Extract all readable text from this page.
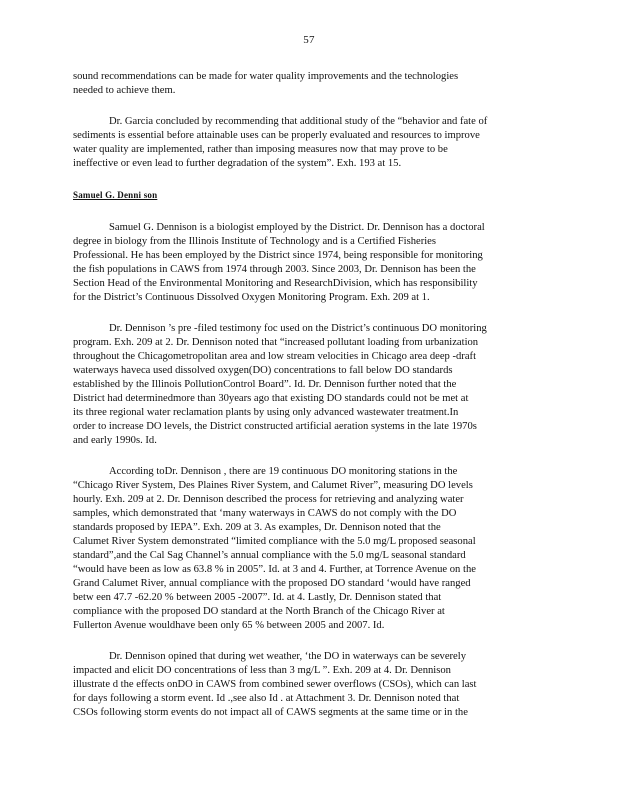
57
sound recommendations can be made for water quality improvements and the technologies
needed to achieve them.
Dr. Garcia concluded by recommending that additional study of the “behavior and fate of
sediments is essential before attainable uses can be properly evaluated and resources to improve
water quality are implemented, rather than imposing measures now that may prove to be
ineffective or even lead to further degradation of the system”. Exh. 193 at 15.
Samuel G. Denni son
Samuel G. Dennison is a biologist employed by the District. Dr. Dennison has a doctoral
degree in biology from the Illinois Institute of Technology and is a Certified Fisheries
Professional. He has been employed by the District since 1974, being responsible for monitoring
the fish populations in CAWS from 1974 through 2003. Since 2003, Dr. Dennison has been the
Section Head of the Environmental Monitoring and ResearchDivision, which has responsibility
for the District’s Continuous Dissolved Oxygen Monitoring Program. Exh. 209 at 1.
Dr. Dennison ’s pre -filed testimony foc used on the District’s continuous DO monitoring
program. Exh. 209 at 2. Dr. Dennison noted that “increased pollutant loading from urbanization
throughout the Chicagometropolitan area and low stream velocities in Chicago area deep -draft
waterways haveca used dissolved oxygen(DO) concentrations to fall below DO standards
established by the Illinois PollutionControl Board”. Id. Dr. Dennison further noted that the
District had determinedmore than 30years ago that existing DO standards could not be met at
its three regional water reclamation plants by using only advanced wastewater treatment.In
order to increase DO levels, the District constructed artificial aeration systems in the late 1970s
and early 1990s. Id.
According toDr. Dennison , there are 19 continuous DO monitoring stations in the
“Chicago River System, Des Plaines River System, and Calumet River”, measuring DO levels
hourly. Exh. 209 at 2. Dr. Dennison described the process for retrieving and analyzing water
samples, which demonstrated that ‘many waterways in CAWS do not comply with the DO
standards proposed by IEPA”. Exh. 209 at 3. As examples, Dr. Dennison noted that the
Calumet River System demonstrated “limited compliance with the 5.0 mg/L proposed seasonal
standard”,and the Cal Sag Channel’s annual compliance with the 5.0 mg/L seasonal standard
“would have been as low as 63.8 % in 2005”. Id. at 3 and 4. Further, at Torrence Avenue on the
Grand Calumet River, annual compliance with the proposed DO standard ‘would have ranged
betw een 47.7 -62.20 % between 2005 -2007”. Id. at 4. Lastly, Dr. Dennison stated that
compliance with the proposed DO standard at the North Branch of the Chicago River at
Fullerton Avenue wouldhave been only 65 % between 2005 and 2007. Id.
Dr. Dennison opined that during wet weather, ‘the DO in waterways can be severely
impacted and elicit DO concentrations of less than 3 mg/L ”. Exh. 209 at 4. Dr. Dennison
illustrate d the effects onDO in CAWS from combined sewer overflows (CSOs), which can last
for days following a storm event. Id .,see also Id . at Attachment 3. Dr. Dennison noted that
CSOs following storm events do not impact all of CAWS segments at the same time or in the
